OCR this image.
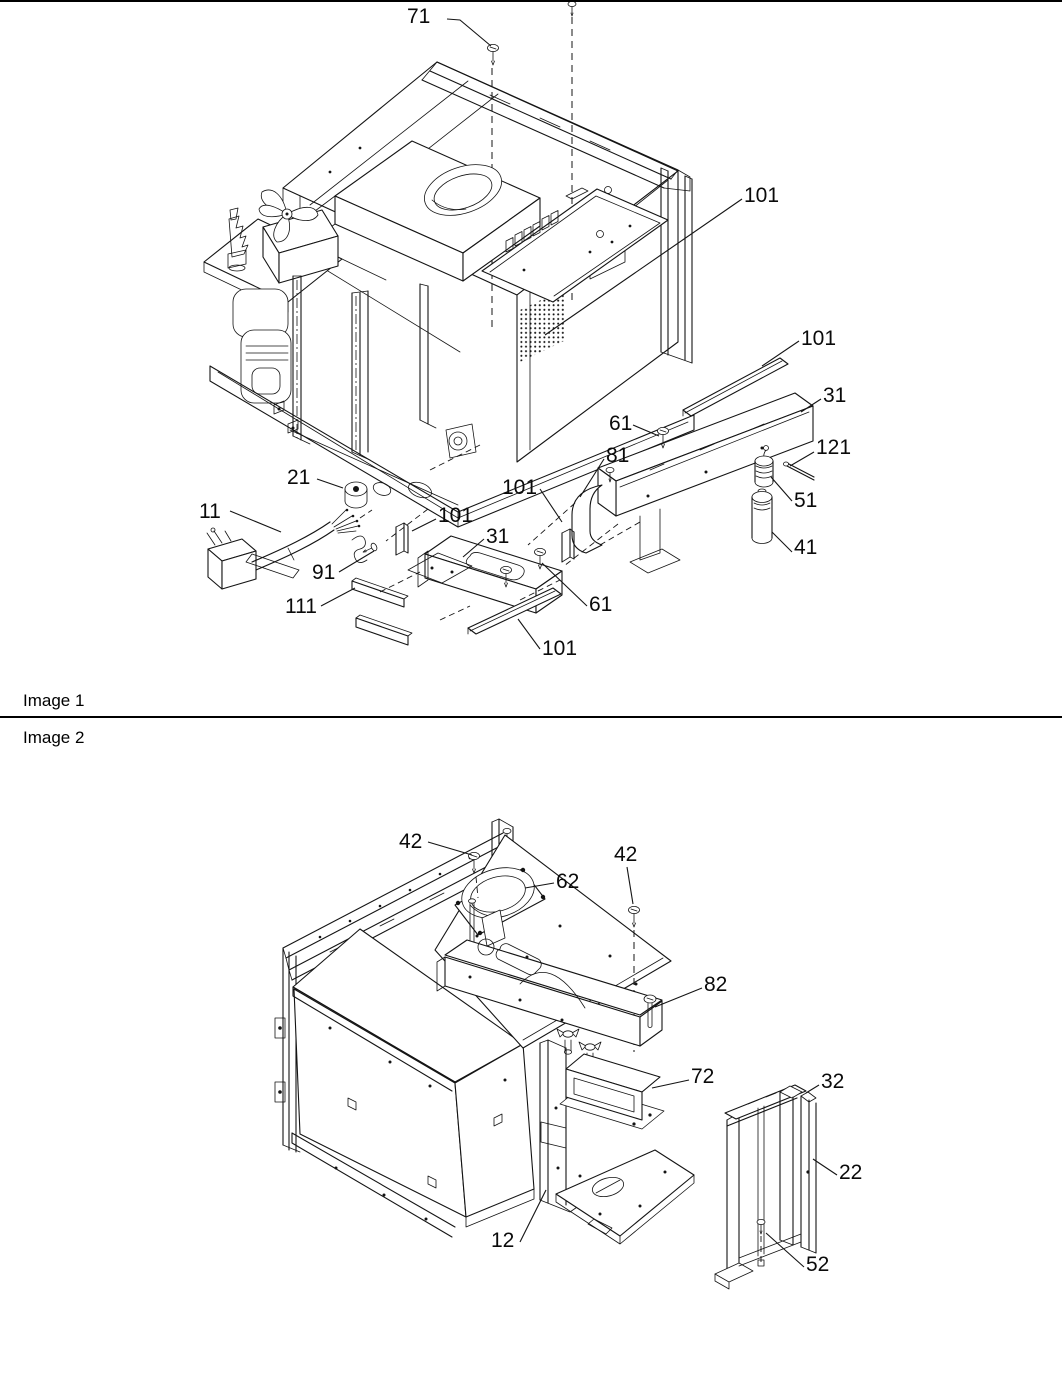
71
101
101
31
61
121
81
51
41
21
11	101
101
31
91
111	61
101
42
62
42
82
72	32
22
52
12
Image 1
Image 2
